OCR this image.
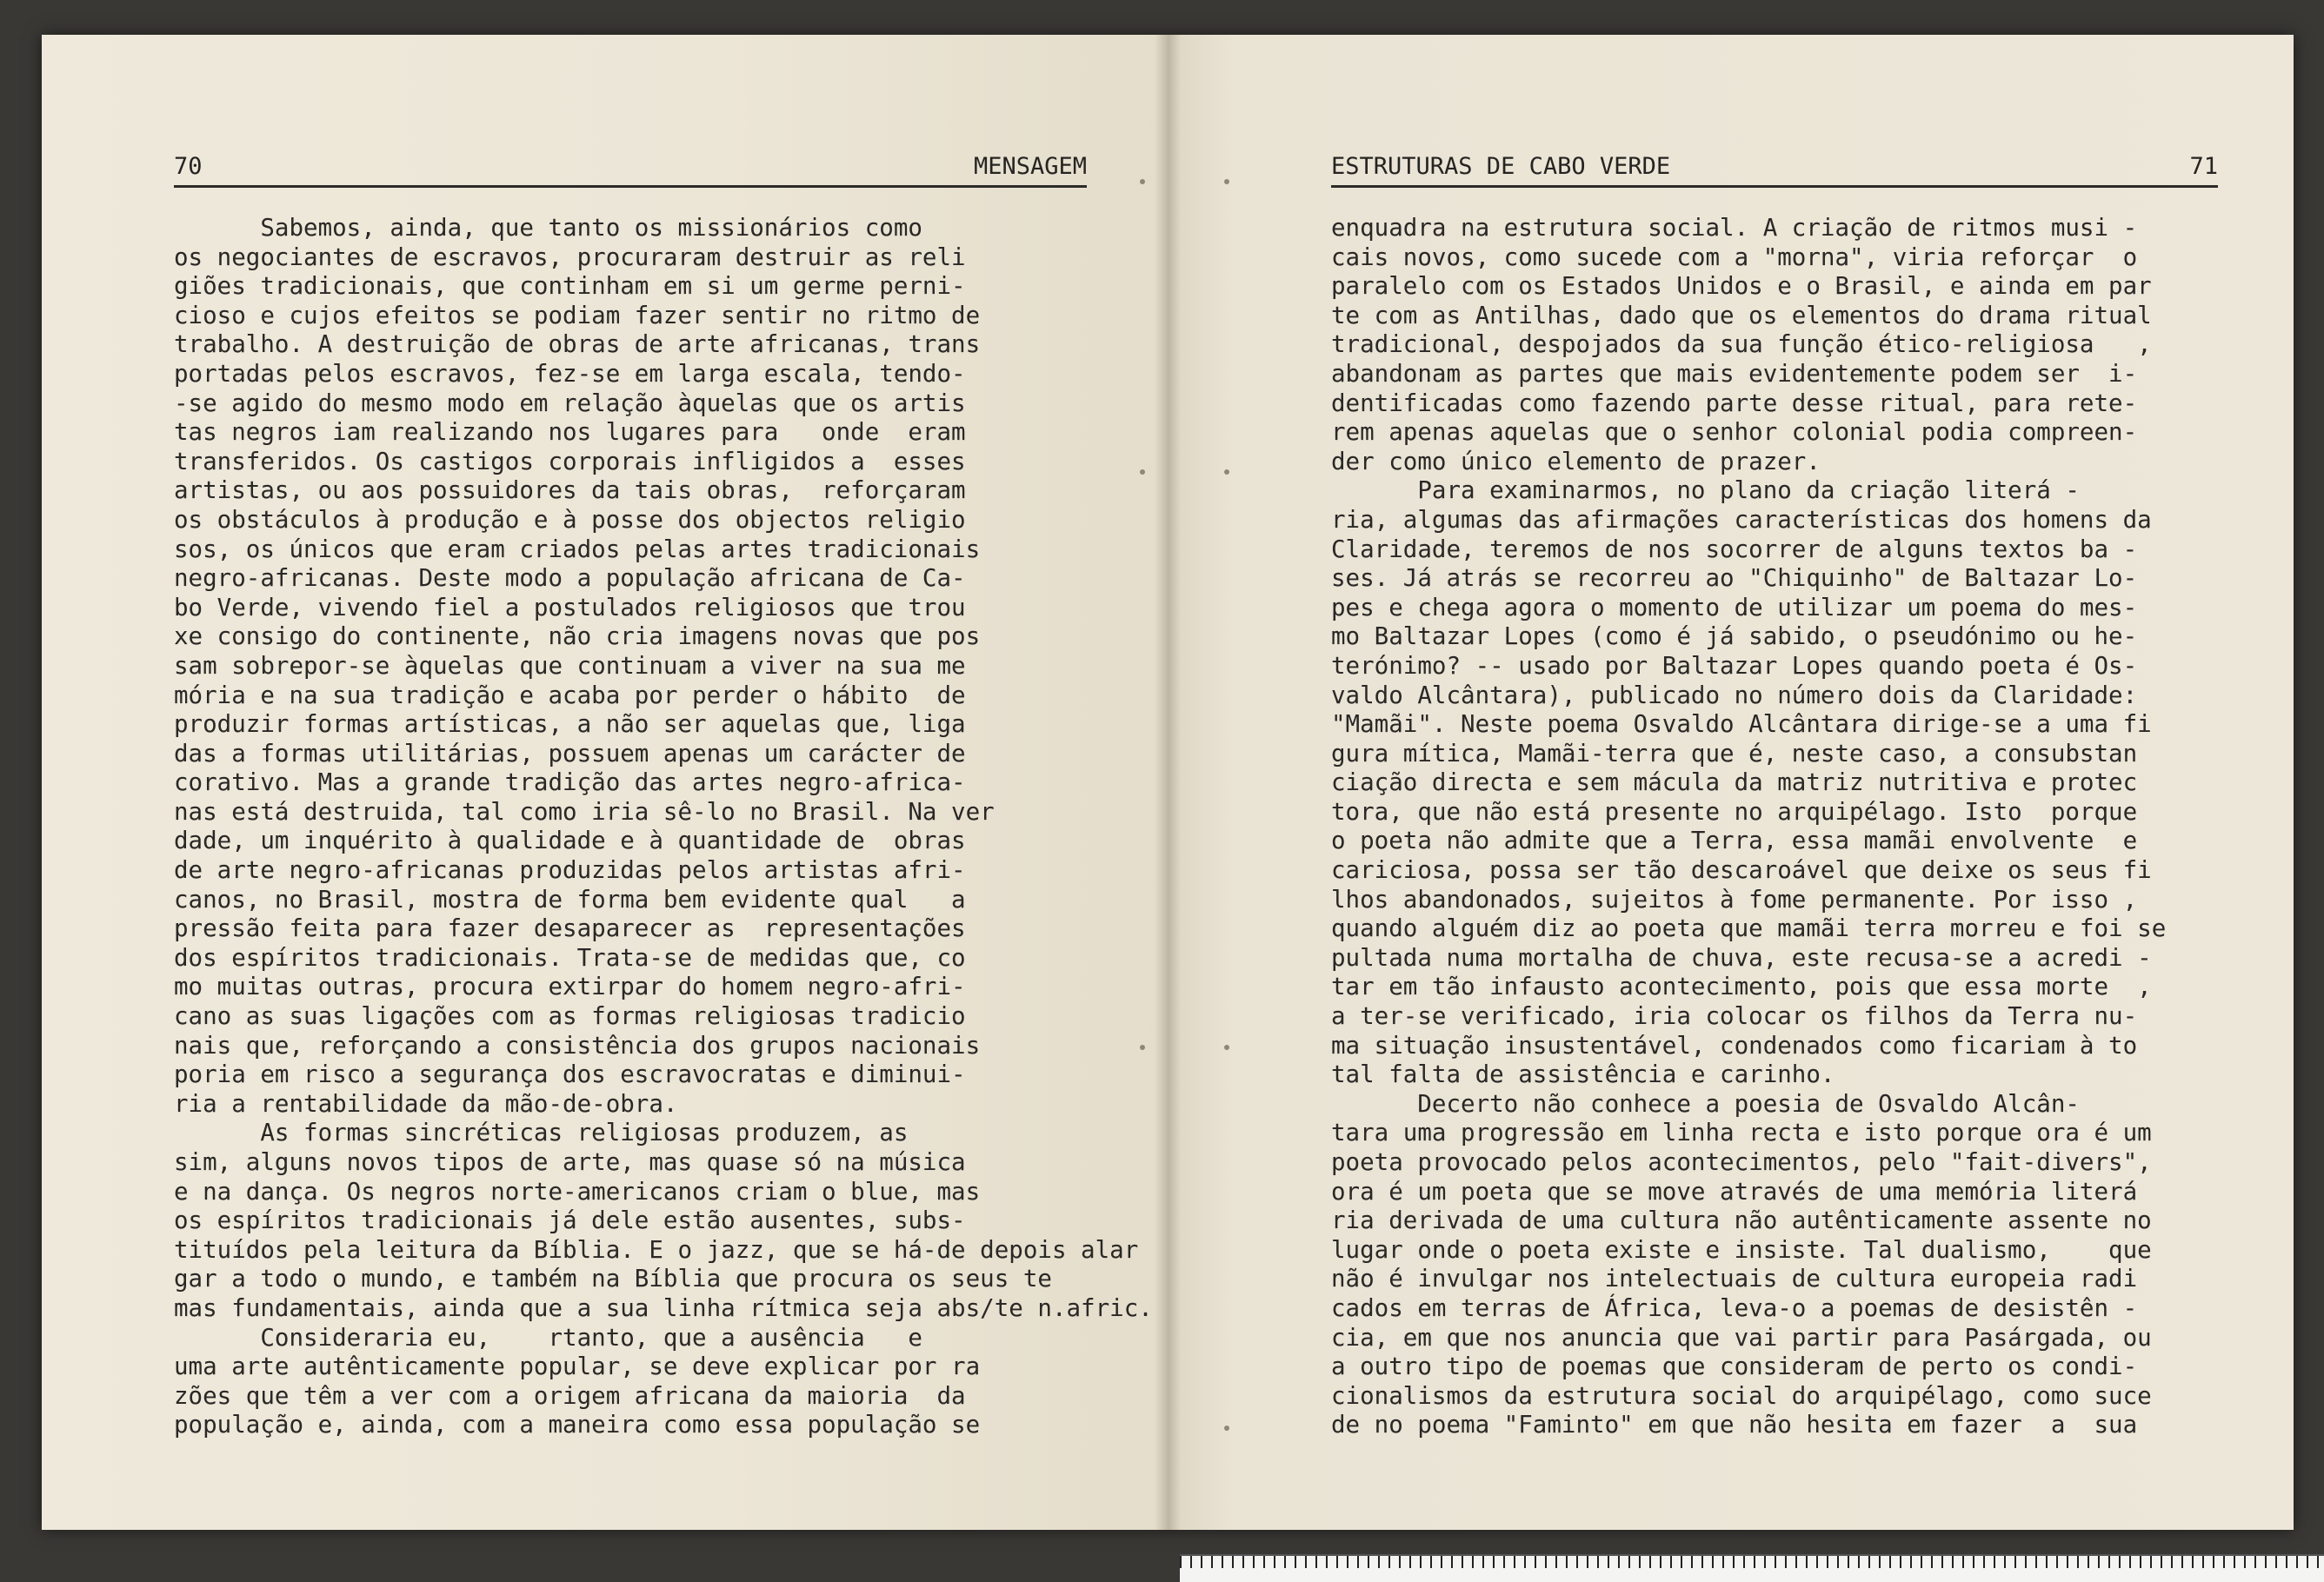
70	MENSAGEM
Sabemos, ainda, que tanto os missionários como
os negociantes de escravos, procuraram destruir as reli
giões tradicionais, que continham em si um germe perni-
cioso e cujos efeitos se podiam fazer sentir no ritmo de
trabalho. A destruição de obras de arte africanas, trans
portadas pelos escravos, fez-se em larga escala, tendo-
-se agido do mesmo modo em relação àquelas que os artis
tas negros iam realizando nos lugares para   onde  eram
transferidos. Os castigos corporais infligidos a  esses
artistas, ou aos possuidores da tais obras,  reforçaram
os obstáculos à produção e à posse dos objectos religio
sos, os únicos que eram criados pelas artes tradicionais
negro-africanas. Deste modo a população africana de Ca-
bo Verde, vivendo fiel a postulados religiosos que trou
xe consigo do continente, não cria imagens novas que pos
sam sobrepor-se àquelas que continuam a viver na sua me
mória e na sua tradição e acaba por perder o hábito  de
produzir formas artísticas, a não ser aquelas que, liga
das a formas utilitárias, possuem apenas um carácter de
corativo. Mas a grande tradição das artes negro-africa-
nas está destruida, tal como iria sê-lo no Brasil. Na ver
dade, um inquérito à qualidade e à quantidade de  obras
de arte negro-africanas produzidas pelos artistas afri-
canos, no Brasil, mostra de forma bem evidente qual   a
pressão feita para fazer desaparecer as  representações
dos espíritos tradicionais. Trata-se de medidas que, co
mo muitas outras, procura extirpar do homem negro-afri-
cano as suas ligações com as formas religiosas tradicio
nais que, reforçando a consistência dos grupos nacionais
poria em risco a segurança dos escravocratas e diminui-
ria a rentabilidade da mão-de-obra.
As formas sincréticas religiosas produzem, as
sim, alguns novos tipos de arte, mas quase só na música
e na dança. Os negros norte-americanos criam o blue, mas
os espíritos tradicionais já dele estão ausentes, subs-
tituídos pela leitura da Bíblia. E o jazz, que se há-de depois alar
gar a todo o mundo, e também na Bíblia que procura os seus te
mas fundamentais, ainda que a sua linha rítmica seja abs/te n.afric.
Consideraria eu,    rtanto, que a ausência   e
uma arte autênticamente popular, se deve explicar por ra
zões que têm a ver com a origem africana da maioria  da
população e, ainda, com a maneira como essa população se
ESTRUTURAS DE CABO VERDE	71
enquadra na estrutura social. A criação de ritmos musi -
cais novos, como sucede com a "morna", viria reforçar  o
paralelo com os Estados Unidos e o Brasil, e ainda em par
te com as Antilhas, dado que os elementos do drama ritual
tradicional, despojados da sua função ético-religiosa   ,
abandonam as partes que mais evidentemente podem ser  i-
dentificadas como fazendo parte desse ritual, para rete-
rem apenas aquelas que o senhor colonial podia compreen-
der como único elemento de prazer.
Para examinarmos, no plano da criação literá -
ria, algumas das afirmações características dos homens da
Claridade, teremos de nos socorrer de alguns textos ba -
ses. Já atrás se recorreu ao "Chiquinho" de Baltazar Lo-
pes e chega agora o momento de utilizar um poema do mes-
mo Baltazar Lopes (como é já sabido, o pseudónimo ou he-
terónimo? -- usado por Baltazar Lopes quando poeta é Os-
valdo Alcântara), publicado no número dois da Claridade:
"Mamãi". Neste poema Osvaldo Alcântara dirige-se a uma fi
gura mítica, Mamãi-terra que é, neste caso, a consubstan
ciação directa e sem mácula da matriz nutritiva e protec
tora, que não está presente no arquipélago. Isto  porque
o poeta não admite que a Terra, essa mamãi envolvente  e
cariciosa, possa ser tão descaroável que deixe os seus fi
lhos abandonados, sujeitos à fome permanente. Por isso ,
quando alguém diz ao poeta que mamãi terra morreu e foi se
pultada numa mortalha de chuva, este recusa-se a acredi -
tar em tão infausto acontecimento, pois que essa morte  ,
a ter-se verificado, iria colocar os filhos da Terra nu-
ma situação insustentável, condenados como ficariam à to
tal falta de assistência e carinho.
Decerto não conhece a poesia de Osvaldo Alcân-
tara uma progressão em linha recta e isto porque ora é um
poeta provocado pelos acontecimentos, pelo "fait-divers",
ora é um poeta que se move através de uma memória literá
ria derivada de uma cultura não autênticamente assente no
lugar onde o poeta existe e insiste. Tal dualismo,    que
não é invulgar nos intelectuais de cultura europeia radi
cados em terras de África, leva-o a poemas de desistên -
cia, em que nos anuncia que vai partir para Pasárgada, ou
a outro tipo de poemas que consideram de perto os condi-
cionalismos da estrutura social do arquipélago, como suce
de no poema "Faminto" em que não hesita em fazer  a  sua
